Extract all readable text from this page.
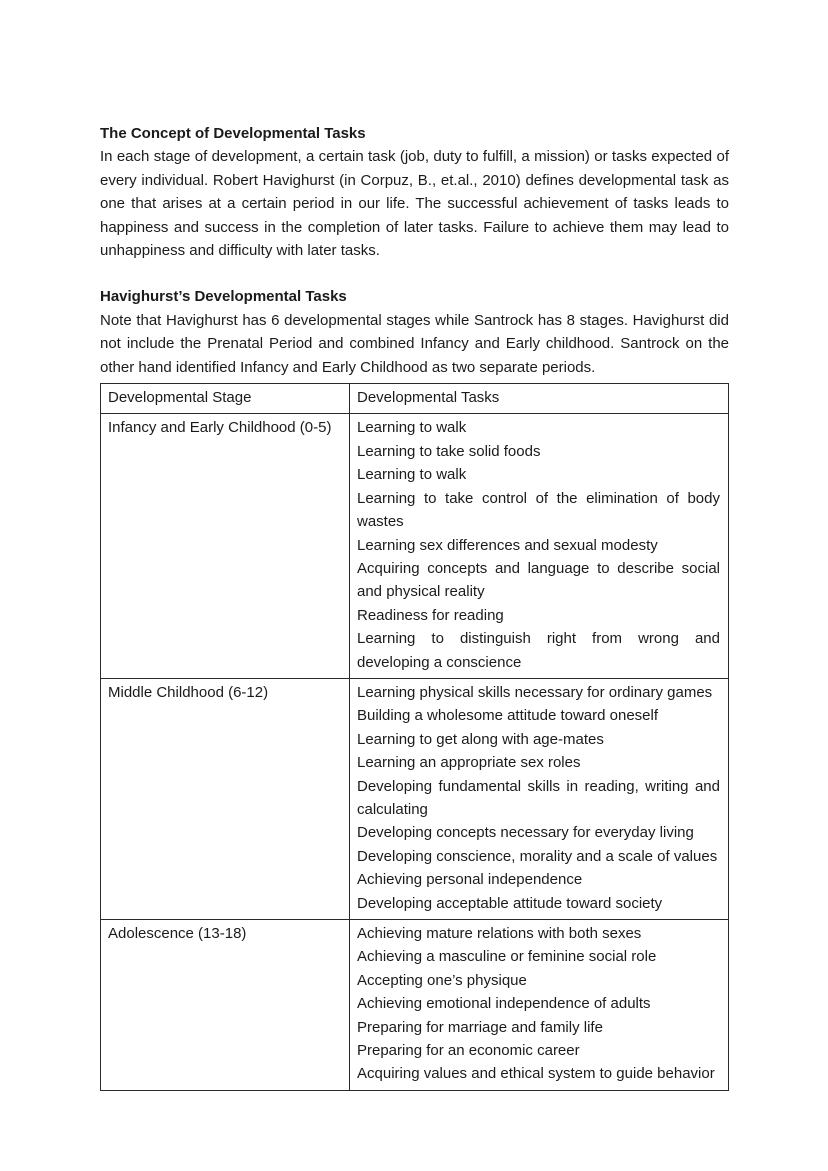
The Concept of Developmental Tasks

In each stage of development, a certain task (job, duty to fulfill, a mission) or tasks expected of every individual. Robert Havighurst (in Corpuz, B., et.al., 2010) defines developmental task as one that arises at a certain period in our life. The successful achievement of tasks leads to happiness and success in the completion of later tasks. Failure to achieve them may lead to unhappiness and difficulty with later tasks.

Havighurst’s Developmental Tasks

Note that Havighurst has 6 developmental stages while Santrock has 8 stages. Havighurst did not include the Prenatal Period and combined Infancy and Early childhood. Santrock on the other hand identified Infancy and Early Childhood as two separate periods.

Developmental Stage	Developmental Tasks
Infancy and Early Childhood (0-5)	Learning to walk

Learning to take solid foods

Learning to walk

Learning to take control of the elimination of body wastes

Learning sex differences and sexual modesty

Acquiring concepts and language to describe social and physical reality

Readiness for reading

Learning to distinguish right from wrong and developing a conscience

Middle Childhood (6-12)	Learning physical skills necessary for ordinary games

Building a wholesome attitude toward oneself

Learning to get along with age-mates

Learning an appropriate sex roles

Developing fundamental skills in reading, writing and calculating

Developing concepts necessary for everyday living

Developing conscience, morality and a scale of values

Achieving personal independence

Developing acceptable attitude toward society

Adolescence (13-18)	Achieving mature relations with both sexes

Achieving a masculine or feminine social role

Accepting one’s physique

Achieving emotional independence of adults

Preparing for marriage and family life

Preparing for an economic career

Acquiring values and ethical system to guide behavior
